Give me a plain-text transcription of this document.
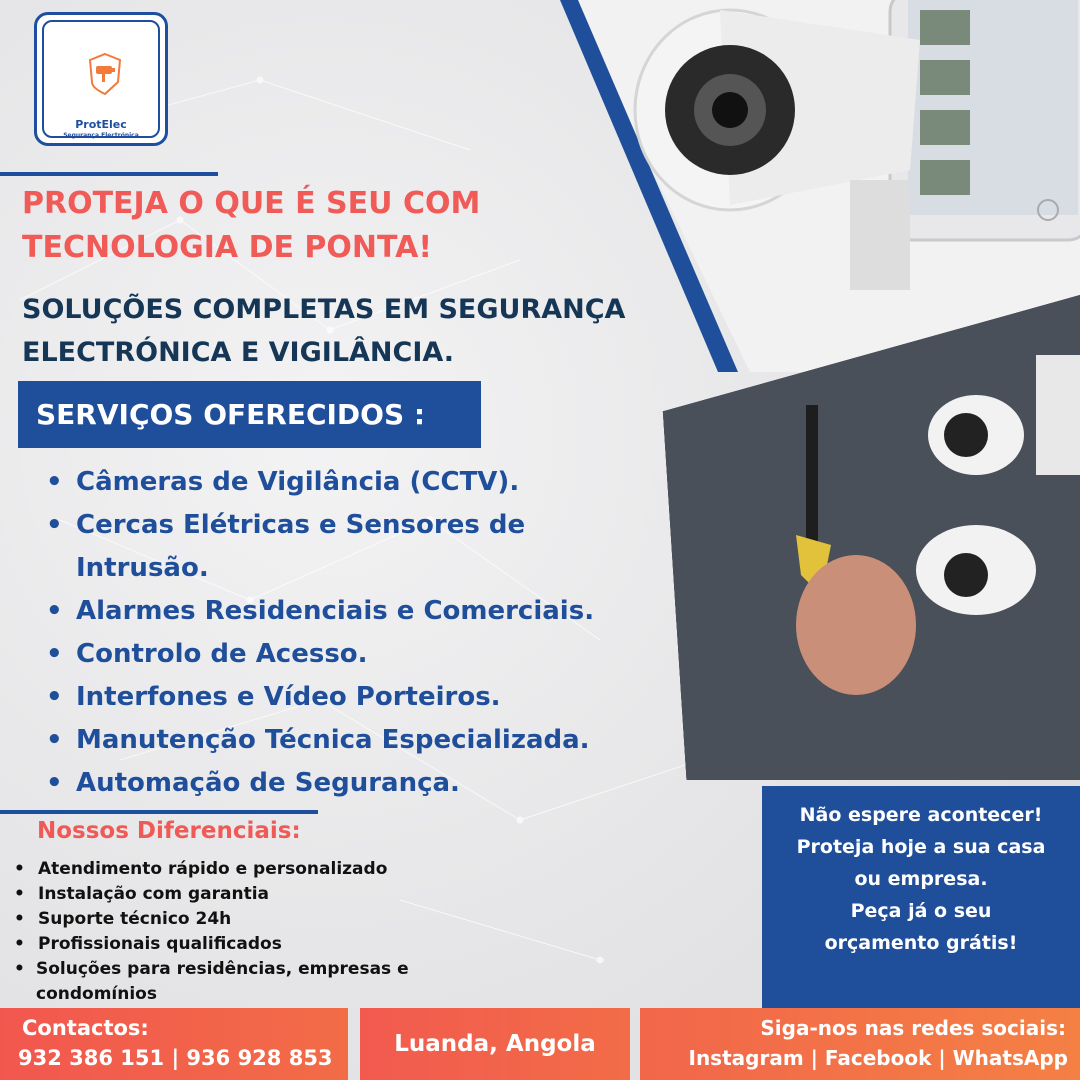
ProtElec
Segurança Electrónica
PROTEJA O QUE É SEU COM
TECNOLOGIA DE PONTA!
SOLUÇÕES COMPLETAS EM SEGURANÇA
ELECTRÓNICA E VIGILÂNCIA.
SERVIÇOS OFERECIDOS :
• Câmeras de Vigilância (CCTV).
• Cercas Elétricas e Sensores de
Intrusão.
• Alarmes Residenciais e Comerciais.
• Controlo de Acesso.
• Interfones e Vídeo Porteiros.
• Manutenção Técnica Especializada.
• Automação de Segurança.
Nossos Diferenciais:
• Atendimento rápido e personalizado
• Instalação com garantia
• Suporte técnico 24h
• Profissionais qualificados
• Soluções para residências, empresas e condomínios
Não espere acontecer!
Proteja hoje a sua casa
ou empresa.
Peça já o seu
orçamento grátis!
Contactos:
932 386 151 | 936 928 853
Luanda, Angola
Siga-nos nas redes sociais:
Instagram | Facebook | WhatsApp
